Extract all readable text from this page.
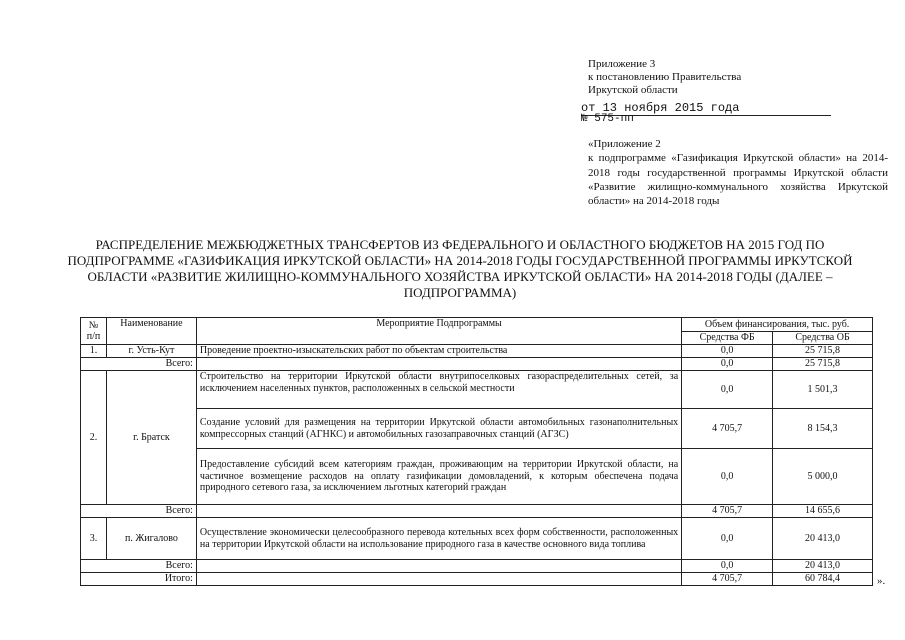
Приложение 3
к постановлению Правительства
Иркутской области
от 13 ноября 2015 года
№ 575-пп
«Приложение 2
к подпрограмме «Газификация Иркутской области» на 2014-2018 годы государственной программы Иркутской области «Развитие жилищно-коммунального хозяйства Иркутской области» на 2014-2018 годы
РАСПРЕДЕЛЕНИЕ МЕЖБЮДЖЕТНЫХ ТРАНСФЕРТОВ ИЗ ФЕДЕРАЛЬНОГО И ОБЛАСТНОГО БЮДЖЕТОВ НА 2015 ГОД ПО ПОДПРОГРАММЕ «ГАЗИФИКАЦИЯ ИРКУТСКОЙ ОБЛАСТИ» НА 2014-2018 ГОДЫ ГОСУДАРСТВЕННОЙ ПРОГРАММЫ ИРКУТСКОЙ ОБЛАСТИ «РАЗВИТИЕ ЖИЛИЩНО-КОММУНАЛЬНОГО ХОЗЯЙСТВА ИРКУТСКОЙ ОБЛАСТИ» НА 2014-2018 ГОДЫ (ДАЛЕЕ – ПОДПРОГРАММА)
№ п/п	Наименование	Мероприятие Подпрограммы	Объем финансирования, тыс. руб.	
			Средства ФБ	Средства ОБ
1.	г. Усть-Кут	Проведение проектно-изыскательских работ по объектам строительства	0,0	25 715,8
Всего:			0,0	25 715,8
2.	г. Братск	Строительство на территории Иркутской области внутрипоселковых газораспределительных сетей, за исключением населенных пунктов, расположенных в сельской местности	0,0	1 501,3
		Создание условий для размещения на территории Иркутской области автомобильных газонаполнительных компрессорных станций (АГНКС) и автомобильных газозаправочных станций (АГЗС)	4 705,7	8 154,3
		Предоставление субсидий всем категориям граждан, проживающим на территории Иркутской области, на частичное возмещение расходов на оплату газификации домовладений, к которым обеспечена подача природного сетевого газа, за исключением льготных категорий граждан	0,0	5 000,0
Всего:			4 705,7	14 655,6
3.	п. Жигалово	Осуществление экономически целесообразного перевода котельных всех форм собственности, расположенных на территории Иркутской области на использование природного газа в качестве основного вида топлива	0,0	20 413,0
Всего:			0,0	20 413,0
Итого:			4 705,7	60 784,4	».
